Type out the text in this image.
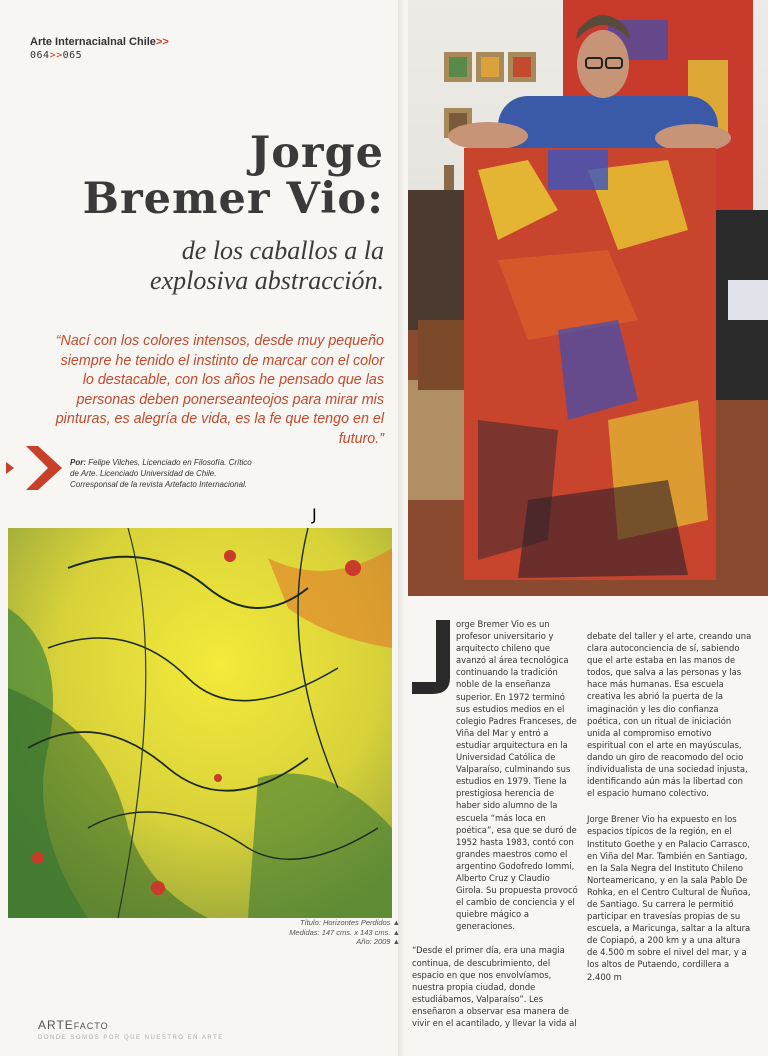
Arte Internacialnal Chile>>
064>>065
Jorge
Bremer Vio:
de los caballos a la
explosiva abstracción.
“Nací con los colores intensos, desde muy pequeño siempre he tenido el instinto de marcar con el color lo destacable, con los años he pensado que las personas deben ponerseanteojos para mirar mis pinturas, es alegría de vida, es la fe que tengo en el futuro.”
Por: Felipe Vilches, Licenciado en Filosofía. Crítico de Arte. Licenciado Universidad de Chile. Corresponsal de la revista Artefacto Internacional.
Título: Horizontes Perdidos ▲
Medidas: 147 cms. x 143 cms. ▲
Año: 2009 ▲
J

orge Bremer Vio es un profesor universitario y arquitecto chileno que avanzó al área tecnológica continuando la tradición noble de la enseñanza superior. En 1972 terminó sus estudios medios en el colegio Padres Franceses, de Viña del Mar y entró a estudiar arquitectura en la Universidad Católica de Valparaíso, culminando sus estudios en 1979. Tiene la prestigiosa herencia de haber sido alumno de la escuela “más loca en poética”, esa que se duró de 1952 hasta 1983, contó con grandes maestros como el argentino Godofredo Iommi, Alberto Cruz y Claudio Girola. Su propuesta provocó el cambio de conciencia y el quiebre mágico a generaciones.

“Desde el primer día, era una magia continua, de descubrimiento, del espacio en que nos envolvíamos, nuestra propia ciudad, donde estudiábamos, Valparaíso”. Les enseñaron a observar esa manera de vivir en el acantilado, y llevar la vida al

debate del taller y el arte, creando una clara autoconciencia de sí, sabiendo que el arte estaba en las manos de todos, que salva a las personas y las hace más humanas. Esa escuela creativa les abrió la puerta de la imaginación y les dio confianza poética, con un ritual de iniciación unida al compromiso emotivo espiritual con el arte en mayúsculas, dando un giro de reacomodo del ocio individualista de una sociedad injusta, identificando aún más la libertad con el espacio humano colectivo.

Jorge Brener Vio ha expuesto en los espacios típicos de la región, en el Instituto Goethe y en Palacio Carrasco, en Viña del Mar. También en Santiago, en la Sala Negra del Instituto Chileno Norteamericano, y en la sala Pablo De Rohka, en el Centro Cultural de Ñuñoa, de Santiago. Su carrera le permitió participar en travesías propias de su escuela, a Maricunga, saltar a la altura de Copiapó, a 200 km y a una altura de 4.500 m sobre el nivel del mar, y a los altos de Putaendo, cordillera a 2.400 m

ARTEFACTO
DONDE SOMOS POR QUE NUESTRO EN ARTE
